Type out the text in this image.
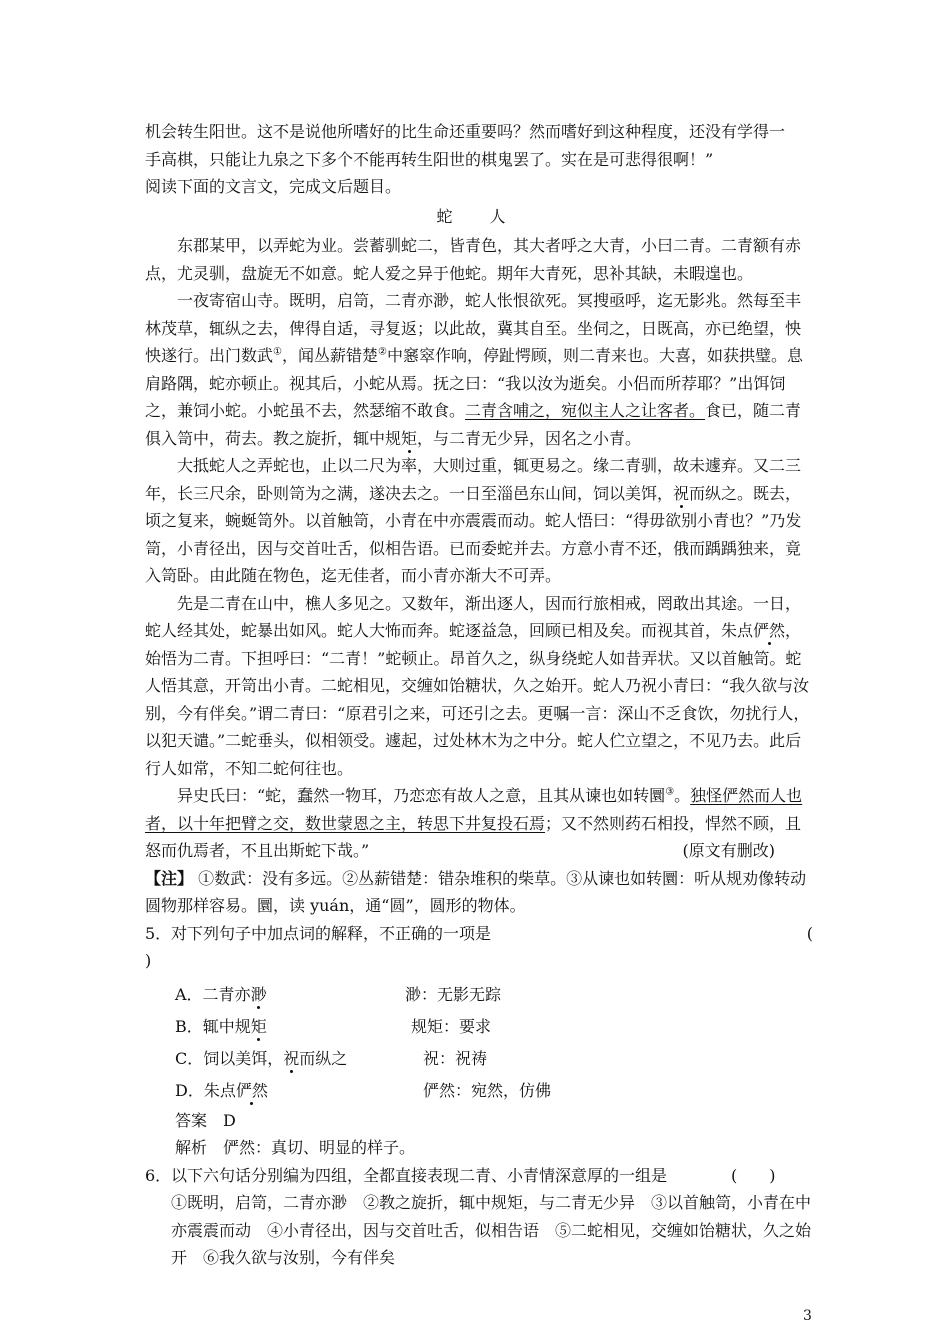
机会转生阳世。这不是说他所嗜好的比生命还重要吗？然而嗜好到这种程度，还没有学得一

手高棋，只能让九泉之下多个不能再转生阳世的棋鬼罢了。实在是可悲得很啊！”

阅读下面的文言文，完成文后题目。

蛇 人

东郡某甲，以弄蛇为业。尝蓄驯蛇二，皆青色，其大者呼之大青，小曰二青。二青额有赤点，尤灵驯，盘旋无不如意。蛇人爱之异于他蛇。期年大青死，思补其缺，未暇遑也。

一夜寄宿山寺。既明，启笥，二青亦渺，蛇人怅恨欲死。冥搜亟呼，迄无影兆。然每至丰林茂草，辄纵之去，俾得自适，寻复返；以此故，冀其自至。坐伺之，日既高，亦已绝望，怏怏遂行。出门数武①，闻丛薪错楚②中窸窣作响，停趾愕顾，则二青来也。大喜，如获拱璧。息肩路隅，蛇亦顿止。视其后，小蛇从焉。抚之曰：“我以汝为逝矣。小侣而所荐耶？”出饵饲之，兼饲小蛇。小蛇虽不去，然瑟缩不敢食。二青含哺之，宛似主人之让客者。食已，随二青俱入笥中，荷去。教之旋折，辄中规矩，与二青无少异，因名之小青。

大抵蛇人之弄蛇也，止以二尺为率，大则过重，辄更易之。缘二青驯，故未遽弃。又二三年，长三尺余，卧则笥为之满，遂决去之。一日至淄邑东山间，饲以美饵，祝而纵之。既去，顷之复来，蜿蜒笥外。以首触笥，小青在中亦震震而动。蛇人悟曰：“得毋欲别小青也？”乃发笥，小青径出，因与交首吐舌，似相告语。已而委蛇并去。方意小青不还，俄而踽踽独来，竟入笥卧。由此随在物色，迄无佳者，而小青亦渐大不可弄。

先是二青在山中，樵人多见之。又数年，渐出逐人，因而行旅相戒，罔敢出其途。一日，蛇人经其处，蛇暴出如风。蛇人大怖而奔。蛇逐益急，回顾已相及矣。而视其首，朱点俨然，始悟为二青。下担呼曰：“二青！”蛇顿止。昂首久之，纵身绕蛇人如昔弄状。又以首触笥。蛇人悟其意，开笥出小青。二蛇相见，交缠如饴糖状，久之始开。蛇人乃祝小青曰：“我久欲与汝别，今有伴矣。”谓二青曰：“原君引之来，可还引之去。更嘱一言：深山不乏食饮，勿扰行人，以犯天谴。”二蛇垂头，似相领受。遽起，过处林木为之中分。蛇人伫立望之，不见乃去。此后行人如常，不知二蛇何往也。

异史氏曰：“蛇，蠢然一物耳，乃恋恋有故人之意，且其从谏也如转圜③。独怪俨然而人也者，以十年把臂之交，数世蒙恩之主，转思下井复投石焉；又不然则药石相投，悍然不顾，且怒而仇焉者，不且出斯蛇下哉。”	(原文有删改)

【注】 ①数武：没有多远。②丛薪错楚：错杂堆积的柴草。③从谏也如转圜：听从规劝像转动圆物那样容易。圜，读 yuán，通“圆”，圆形的物体。

5． 对下列句子中加点词的解释，不正确的一项是	(

)

A．二青亦渺	渺：无影无踪
B．辄中规矩	规矩：要求
C．饲以美饵，祝而纵之	祝：祝祷
D．朱点俨然	俨然：宛然，仿佛

答案　D

解析　俨然：真切、明显的样子。

6． 以下六句话分别编为四组，全都直接表现二青、小青情深意厚的一组是	(　　)

①既明，启笥，二青亦渺　②教之旋折，辄中规矩，与二青无少异　③以首触笥，小青在中亦震震而动　④小青径出，因与交首吐舌，似相告语　⑤二蛇相见，交缠如饴糖状，久之始开　⑥我久欲与汝别，今有伴矣

3
